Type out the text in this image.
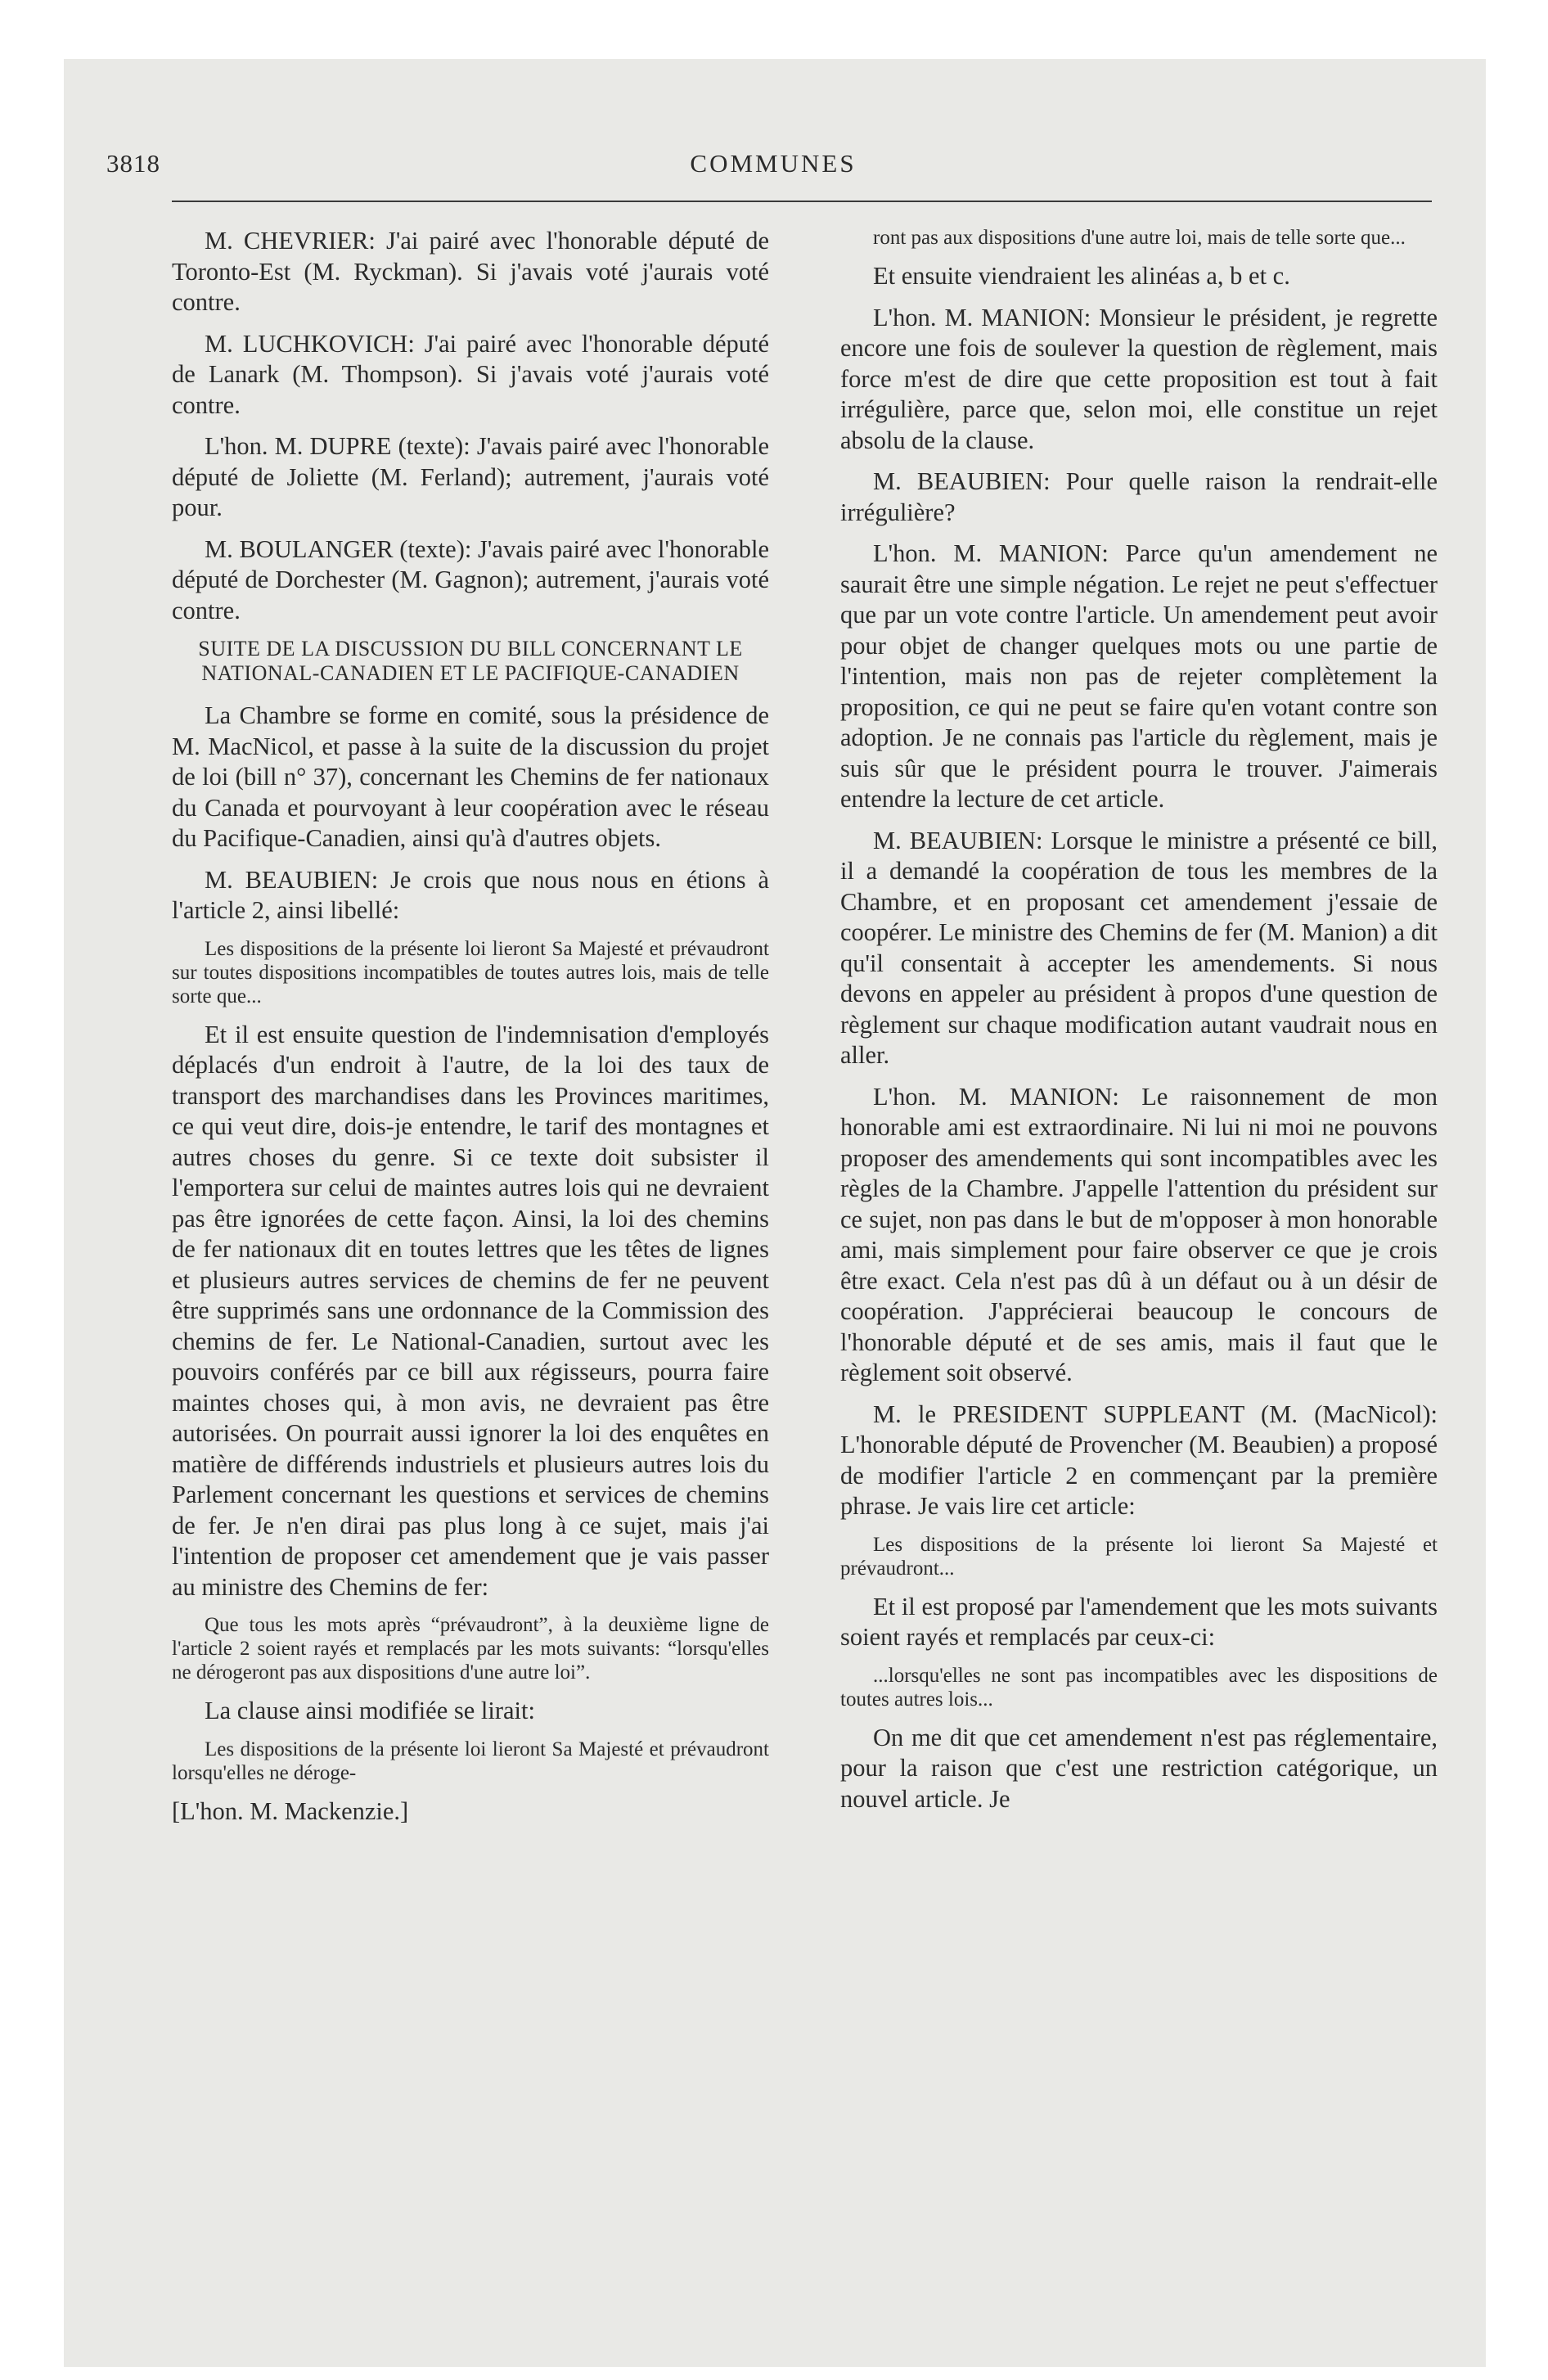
3818	COMMUNES

M. CHEVRIER: J'ai pairé avec l'honorable député de Toronto-Est (M. Ryckman). Si j'avais voté j'aurais voté contre.

M. LUCHKOVICH: J'ai pairé avec l'honorable député de Lanark (M. Thompson). Si j'avais voté j'aurais voté contre.

L'hon. M. DUPRE (texte): J'avais pairé avec l'honorable député de Joliette (M. Ferland); autrement, j'aurais voté pour.

M. BOULANGER (texte): J'avais pairé avec l'honorable député de Dorchester (M. Gagnon); autrement, j'aurais voté contre.

SUITE DE LA DISCUSSION DU BILL CONCERNANT LE NATIONAL-CANADIEN ET LE PACIFIQUE-CANADIEN

La Chambre se forme en comité, sous la présidence de M. MacNicol, et passe à la suite de la discussion du projet de loi (bill n° 37), concernant les Chemins de fer nationaux du Canada et pourvoyant à leur coopération avec le réseau du Pacifique-Canadien, ainsi qu'à d'autres objets.

M. BEAUBIEN: Je crois que nous nous en étions à l'article 2, ainsi libellé:

Les dispositions de la présente loi lieront Sa Majesté et prévaudront sur toutes dispositions incompatibles de toutes autres lois, mais de telle sorte que...

Et il est ensuite question de l'indemnisation d'employés déplacés d'un endroit à l'autre, de la loi des taux de transport des marchandises dans les Provinces maritimes, ce qui veut dire, dois-je entendre, le tarif des montagnes et autres choses du genre. Si ce texte doit subsister il l'emportera sur celui de maintes autres lois qui ne devraient pas être ignorées de cette façon. Ainsi, la loi des chemins de fer nationaux dit en toutes lettres que les têtes de lignes et plusieurs autres services de chemins de fer ne peuvent être supprimés sans une ordonnance de la Commission des chemins de fer. Le National-Canadien, surtout avec les pouvoirs conférés par ce bill aux régisseurs, pourra faire maintes choses qui, à mon avis, ne devraient pas être autorisées. On pourrait aussi ignorer la loi des enquêtes en matière de différends industriels et plusieurs autres lois du Parlement concernant les questions et services de chemins de fer. Je n'en dirai pas plus long à ce sujet, mais j'ai l'intention de proposer cet amendement que je vais passer au ministre des Chemins de fer:

Que tous les mots après “prévaudront”, à la deuxième ligne de l'article 2 soient rayés et remplacés par les mots suivants: “lorsqu'elles ne dérogeront pas aux dispositions d'une autre loi”.

La clause ainsi modifiée se lirait:

Les dispositions de la présente loi lieront Sa Majesté et prévaudront lorsqu'elles ne déroge-

[L'hon. M. Mackenzie.]

ront pas aux dispositions d'une autre loi, mais de telle sorte que...

Et ensuite viendraient les alinéas a, b et c.

L'hon. M. MANION: Monsieur le président, je regrette encore une fois de soulever la question de règlement, mais force m'est de dire que cette proposition est tout à fait irrégulière, parce que, selon moi, elle constitue un rejet absolu de la clause.

M. BEAUBIEN: Pour quelle raison la rendrait-elle irrégulière?

L'hon. M. MANION: Parce qu'un amendement ne saurait être une simple négation. Le rejet ne peut s'effectuer que par un vote contre l'article. Un amendement peut avoir pour objet de changer quelques mots ou une partie de l'intention, mais non pas de rejeter complètement la proposition, ce qui ne peut se faire qu'en votant contre son adoption. Je ne connais pas l'article du règlement, mais je suis sûr que le président pourra le trouver. J'aimerais entendre la lecture de cet article.

M. BEAUBIEN: Lorsque le ministre a présenté ce bill, il a demandé la coopération de tous les membres de la Chambre, et en proposant cet amendement j'essaie de coopérer. Le ministre des Chemins de fer (M. Manion) a dit qu'il consentait à accepter les amendements. Si nous devons en appeler au président à propos d'une question de règlement sur chaque modification autant vaudrait nous en aller.

L'hon. M. MANION: Le raisonnement de mon honorable ami est extraordinaire. Ni lui ni moi ne pouvons proposer des amendements qui sont incompatibles avec les règles de la Chambre. J'appelle l'attention du président sur ce sujet, non pas dans le but de m'opposer à mon honorable ami, mais simplement pour faire observer ce que je crois être exact. Cela n'est pas dû à un défaut ou à un désir de coopération. J'apprécierai beaucoup le concours de l'honorable député et de ses amis, mais il faut que le règlement soit observé.

M. le PRESIDENT SUPPLEANT (M. (MacNicol): L'honorable député de Provencher (M. Beaubien) a proposé de modifier l'article 2 en commençant par la première phrase. Je vais lire cet article:

Les dispositions de la présente loi lieront Sa Majesté et prévaudront...

Et il est proposé par l'amendement que les mots suivants soient rayés et remplacés par ceux-ci:

...lorsqu'elles ne sont pas incompatibles avec les dispositions de toutes autres lois...

On me dit que cet amendement n'est pas réglementaire, pour la raison que c'est une restriction catégorique, un nouvel article. Je
